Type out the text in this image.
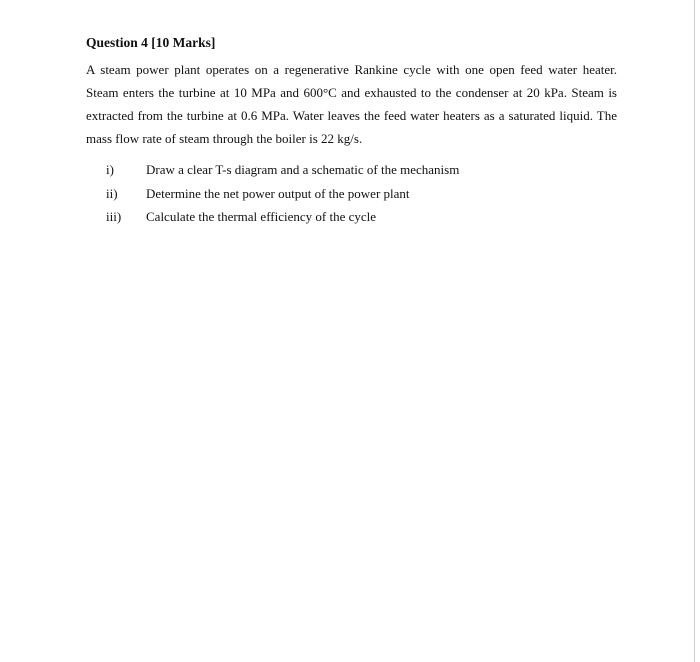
Question 4 [10 Marks]

A steam power plant operates on a regenerative Rankine cycle with one open feed water heater. Steam enters the turbine at 10 MPa and 600°C and exhausted to the condenser at 20 kPa. Steam is extracted from the turbine at 0.6 MPa. Water leaves the feed water heaters as a saturated liquid. The mass flow rate of steam through the boiler is 22 kg/s.

i)	Draw a clear T-s diagram and a schematic of the mechanism
ii)	Determine the net power output of the power plant
iii)	Calculate the thermal efficiency of the cycle
